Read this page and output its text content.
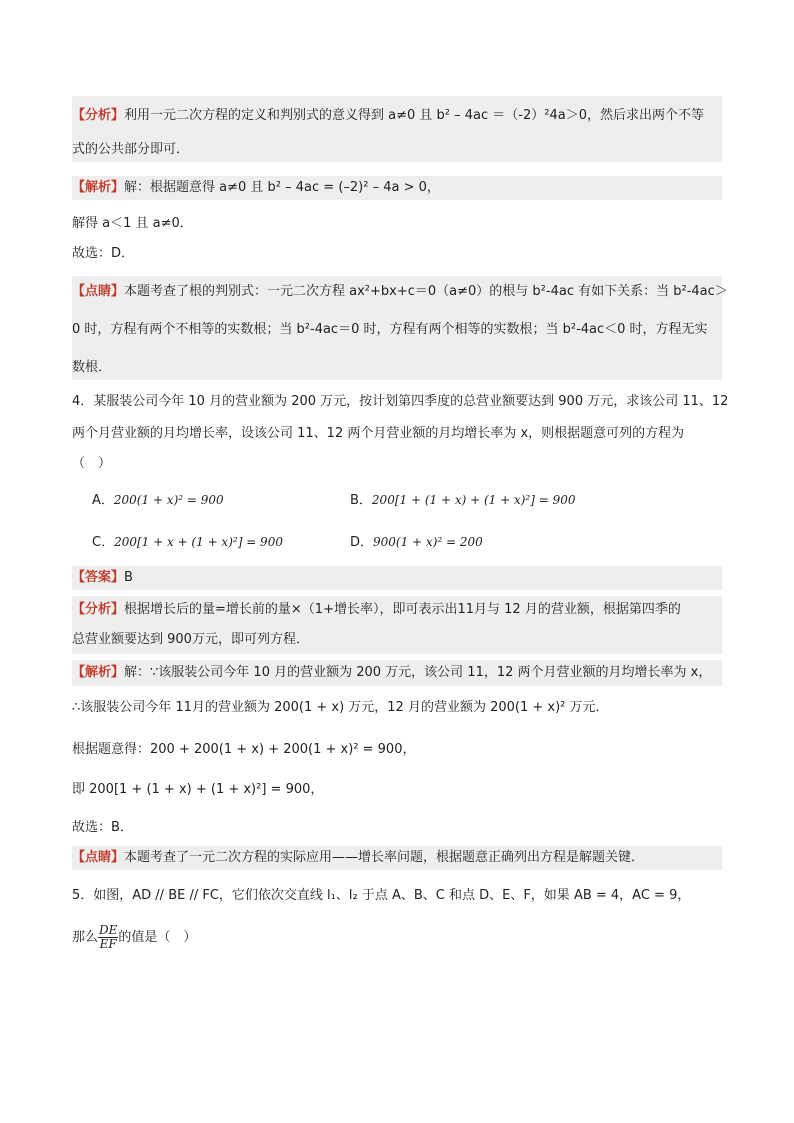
【分析】利用一元二次方程的定义和判别式的意义得到 a≠0 且 b² – 4ac ＝（-2）²4a＞0，然后求出两个不等
式的公共部分即可．
【解析】解：根据题意得 a≠0 且 b² – 4ac = (–2)² – 4a > 0，
解得 a＜1 且 a≠0．
故选：D．
【点睛】本题考查了根的判别式：一元二次方程 ax²+bx+c＝0（a≠0）的根与 b²-4ac 有如下关系：当 b²-4ac＞
0 时，方程有两个不相等的实数根；当 b²-4ac＝0 时，方程有两个相等的实数根；当 b²-4ac＜0 时，方程无实
数根．
4．某服装公司今年 10 月的营业额为 200 万元，按计划第四季度的总营业额要达到 900 万元，求该公司 11、12
两个月营业额的月均增长率，设该公司 11、12 两个月营业额的月均增长率为 x，则根据题意可列的方程为
（　）
A．200(1 + x)² = 900	B．200[1 + (1 + x) + (1 + x)²] = 900
C．200[1 + x + (1 + x)²] = 900	D．900(1 + x)² = 200
【答案】B
【分析】根据增长后的量=增长前的量×（1+增长率），即可表示出11月与 12 月的营业额，根据第四季的
总营业额要达到 900万元，即可列方程．
【解析】解：∵该服装公司今年 10 月的营业额为 200 万元，该公司 11，12 两个月营业额的月均增长率为 x，
∴该服装公司今年 11月的营业额为 200(1 + x) 万元，12 月的营业额为 200(1 + x)² 万元．
根据题意得：200 + 200(1 + x) + 200(1 + x)² = 900，
即 200[1 + (1 + x) + (1 + x)²] = 900，
故选：B．
【点睛】本题考查了一元二次方程的实际应用——增长率问题，根据题意正确列出方程是解题关键．
5．如图，AD // BE // FC，它们依次交直线 l₁、l₂ 于点 A、B、C 和点 D、E、F，如果 AB = 4，AC = 9，
那么 $\frac{DE}{EF}$ 的值是（　）
